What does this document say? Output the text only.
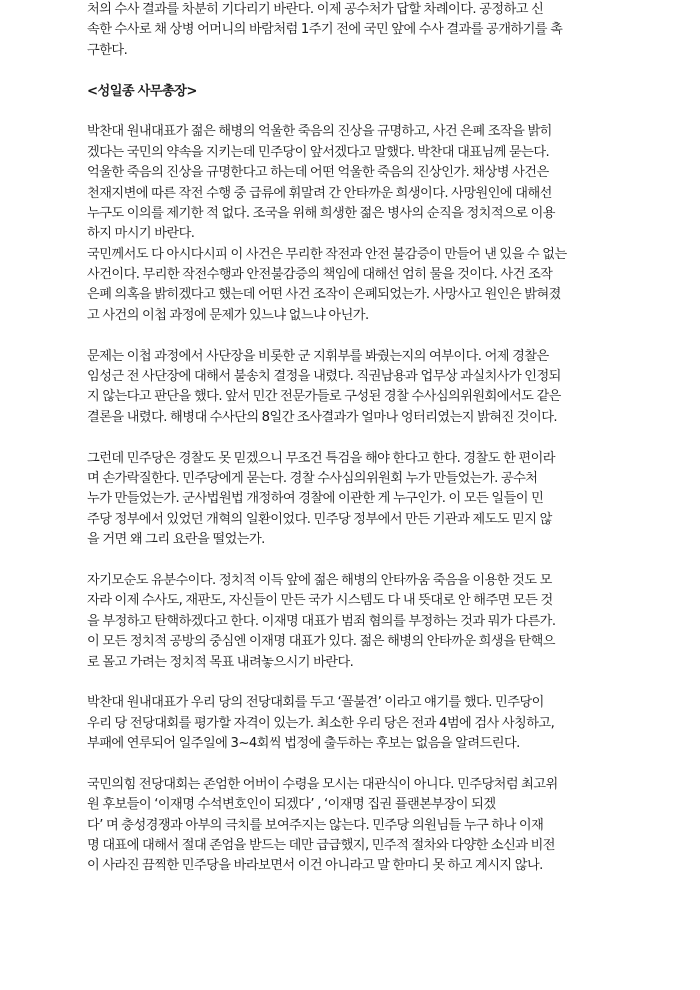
처의 수사 결과를 차분히 기다리기 바란다. 이제 공수처가 답할 차례이다. 공정하고 신
속한 수사로 채 상병 어머니의 바람처럼 1주기 전에 국민 앞에 수사 결과를 공개하기를 촉
구한다.
<성일종 사무총장>
박찬대 원내대표가 젊은 해병의 억울한 죽음의 진상을 규명하고, 사건 은폐 조작을 밝히
겠다는 국민의 약속을 지키는데 민주당이 앞서겠다고 말했다. 박찬대 대표님께 묻는다.
억울한 죽음의 진상을 규명한다고 하는데 어떤 억울한 죽음의 진상인가. 채상병 사건은
천재지변에 따른 작전 수행 중 급류에 휘말려 간 안타까운 희생이다. 사망원인에 대해선
누구도 이의를 제기한 적 없다. 조국을 위해 희생한 젊은 병사의 순직을 정치적으로 이용
하지 마시기 바란다.
국민께서도 다 아시다시피 이 사건은 무리한 작전과 안전 불감증이 만들어 낸 있을 수 없는
사건이다. 무리한 작전수행과 안전불감증의 책임에 대해선 엄히 물을 것이다. 사건 조작
은폐 의혹을 밝히겠다고 했는데 어떤 사건 조작이 은폐되었는가. 사망사고 원인은 밝혀졌
고 사건의 이첩 과정에 문제가 있느냐 없느냐 아닌가.
문제는 이첩 과정에서 사단장을 비롯한 군 지휘부를 봐줬는지의 여부이다. 어제 경찰은
임성근 전 사단장에 대해서 불송치 결정을 내렸다. 직권남용과 업무상 과실치사가 인정되
지 않는다고 판단을 했다. 앞서 민간 전문가들로 구성된 경찰 수사심의위원회에서도 같은
결론을 내렸다. 해병대 수사단의 8일간 조사결과가 얼마나 엉터리였는지 밝혀진 것이다.
그런데 민주당은 경찰도 못 믿겠으니 무조건 특검을 해야 한다고 한다. 경찰도 한 편이라
며 손가락질한다. 민주당에게 묻는다. 경찰 수사심의위원회 누가 만들었는가. 공수처
누가 만들었는가. 군사법원법 개정하여 경찰에 이관한 게 누구인가. 이 모든 일들이 민
주당 정부에서 있었던 개혁의 일환이었다. 민주당 정부에서 만든 기관과 제도도 믿지 않
을 거면 왜 그리 요란을 떨었는가.
자기모순도 유분수이다. 정치적 이득 앞에 젊은 해병의 안타까움 죽음을 이용한 것도 모
자라 이제 수사도, 재판도, 자신들이 만든 국가 시스템도 다 내 뜻대로 안 해주면 모든 것
을 부정하고 탄핵하겠다고 한다. 이재명 대표가 범죄 혐의를 부정하는 것과 뭐가 다른가.
이 모든 정치적 공방의 중심엔 이재명 대표가 있다. 젊은 해병의 안타까운 희생을 탄핵으
로 몰고 가려는 정치적 목표 내려놓으시기 바란다.
박찬대 원내대표가 우리 당의 전당대회를 두고 ‘꼴불견’ 이라고 얘기를 했다. 민주당이
우리 당 전당대회를 평가할 자격이 있는가. 최소한 우리 당은 전과 4범에 검사 사칭하고,
부패에 연루되어 일주일에 3~4회씩 법정에 출두하는 후보는 없음을 알려드린다.
국민의힘 전당대회는 존엄한 어버이 수령을 모시는 대관식이 아니다. 민주당처럼 최고위
원 후보들이 ‘이재명 수석변호인이 되겠다’ , ‘이재명 집권 플랜본부장이 되겠
다’ 며 충성경쟁과 아부의 극치를 보여주지는 않는다. 민주당 의원님들 누구 하나 이재
명 대표에 대해서 절대 존엄을 받드는 데만 급급했지, 민주적 절차와 다양한 소신과 비전
이 사라진 끔찍한 민주당을 바라보면서 이건 아니라고 말 한마디 못 하고 계시지 않나.
